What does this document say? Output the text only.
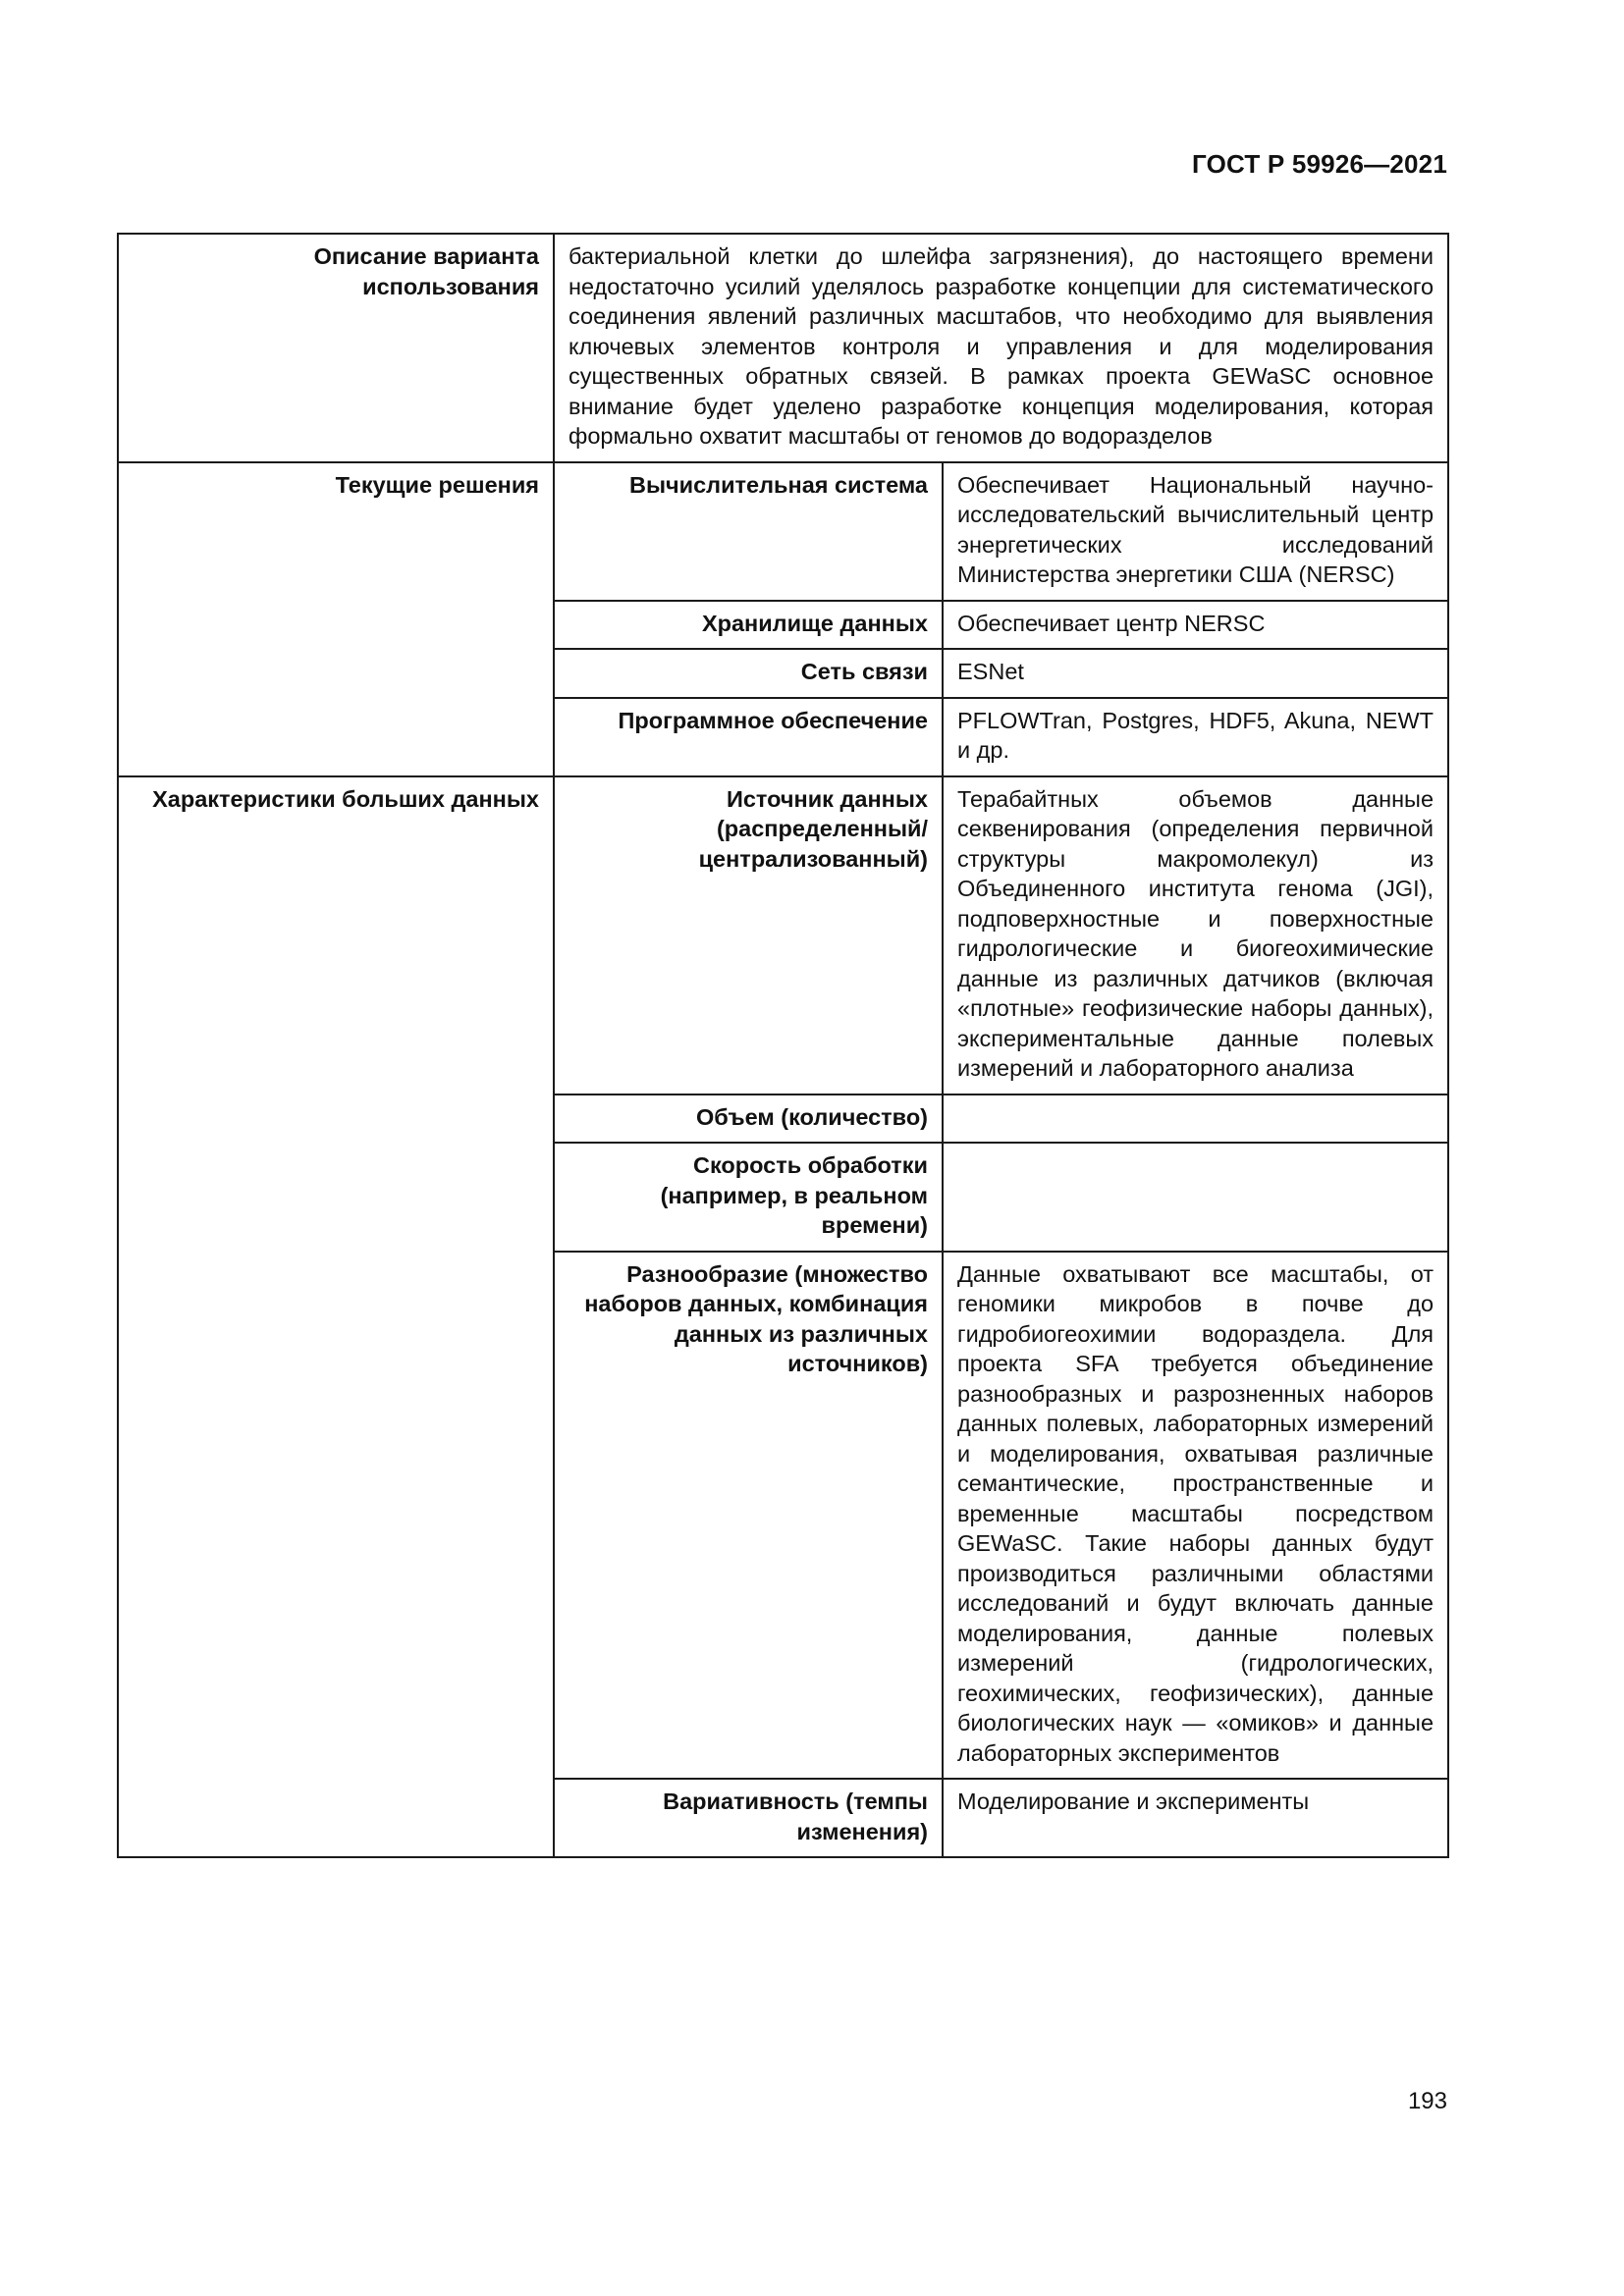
ГОСТ Р 59926—2021
Описание варианта использования	бактериальной клетки до шлейфа загрязнения), до настоящего времени недостаточно усилий уделялось разработке концепции для систематического соединения явлений различных масштабов, что необходимо для выявления ключевых элементов контроля и управления и для моделирования существенных обратных связей. В рамках проекта GEWaSC основное внимание будет уделено разработке концепция моделирования, которая формально охватит масштабы от геномов до водоразделов	
Текущие решения	Вычислительная система	Обеспечивает Национальный научно-исследовательский вычислительный центр энергетических исследований Министерства энергетики США (NERSC)
	Хранилище данных	Обеспечивает центр NERSC
	Сеть связи	ESNet
	Программное обеспечение	PFLOWTran, Postgres, HDF5, Akuna, NEWT и др.
Характеристики больших данных	Источник данных (распределенный/централизованный)	Терабайтных объемов данные секвенирования (определения первичной структуры макромолекул) из Объединенного института генома (JGI), подповерхностные и поверхностные гидрологические и биогеохимические данные из различных датчиков (включая «плотные» геофизические наборы данных), экспериментальные данные полевых измерений и лабораторного анализа
	Объем (количество)	
	Скорость обработки (например, в реальном времени)	
	Разнообразие (множество наборов данных, комбинация данных из различных источников)	Данные охватывают все масштабы, от геномики микробов в почве до гидробиогеохимии водораздела. Для проекта SFA требуется объединение разнообразных и разрозненных наборов данных полевых, лабораторных измерений и моделирования, охватывая различные семантические, пространственные и временные масштабы посредством GEWaSC. Такие наборы данных будут производиться различными областями исследований и будут включать данные моделирования, данные полевых измерений (гидрологических, геохимических, геофизических), данные биологических наук — «омиков» и данные лабораторных экспериментов
	Вариативность (темпы изменения)	Моделирование и эксперименты
193
